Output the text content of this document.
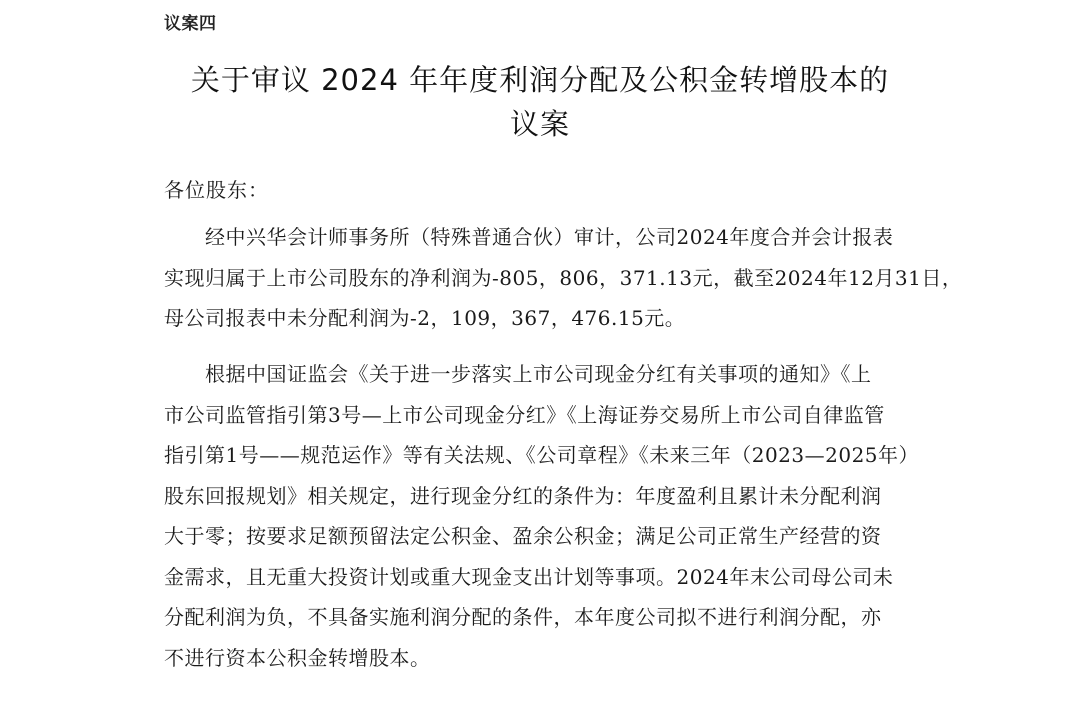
议案四
关于审议 2024 年年度利润分配及公积金转增股本的
议案
各位股东：
经中兴华会计师事务所（特殊普通合伙）审计，公司2024年度合并会计报表
实现归属于上市公司股东的净利润为-805，806，371.13元，截至2024年12月31日，
母公司报表中未分配利润为-2，109，367，476.15元。
根据中国证监会《关于进一步落实上市公司现金分红有关事项的通知》《上
市公司监管指引第3号—上市公司现金分红》《上海证券交易所上市公司自律监管
指引第1号——规范运作》等有关法规、《公司章程》《未来三年（2023—2025年）
股东回报规划》相关规定，进行现金分红的条件为：年度盈利且累计未分配利润
大于零；按要求足额预留法定公积金、盈余公积金；满足公司正常生产经营的资
金需求，且无重大投资计划或重大现金支出计划等事项。2024年末公司母公司未
分配利润为负，不具备实施利润分配的条件，本年度公司拟不进行利润分配，亦
不进行资本公积金转增股本。
